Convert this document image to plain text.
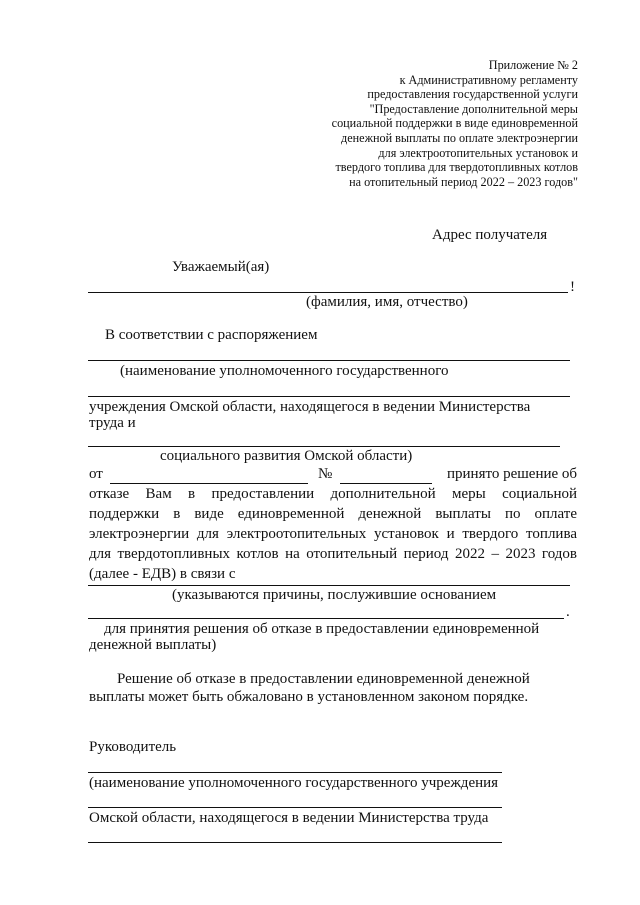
Приложение № 2
к Административному регламенту
предоставления государственной услуги
"Предоставление дополнительной меры
социальной поддержки в виде единовременной
денежной выплаты по оплате электроэнергии
для электроотопительных установок и
твердого топлива для твердотопливных котлов
на отопительный период 2022 – 2023 годов"
Адрес получателя
Уважаемый(ая)
!
(фамилия, имя, отчество)
В соответствии с распоряжением
(наименование уполномоченного государственного
учреждения Омской области, находящегося в ведении Министерства
труда и
социального развития Омской области)
от	№	принято решение об
отказе Вам в предоставлении дополнительной меры социальной
поддержки в виде единовременной денежной выплаты по оплате
электроэнергии для электроотопительных установок и твердого топлива
для твердотопливных котлов на отопительный период 2022 – 2023 годов
(далее - ЕДВ) в связи с
(указываются причины, послужившие основанием
.
для принятия решения об отказе в предоставлении единовременной
денежной выплаты)
Решение об отказе в предоставлении единовременной денежной
выплаты может быть обжаловано в установленном законом порядке.
Руководитель
(наименование уполномоченного государственного учреждения
Омской области, находящегося в ведении Министерства труда
